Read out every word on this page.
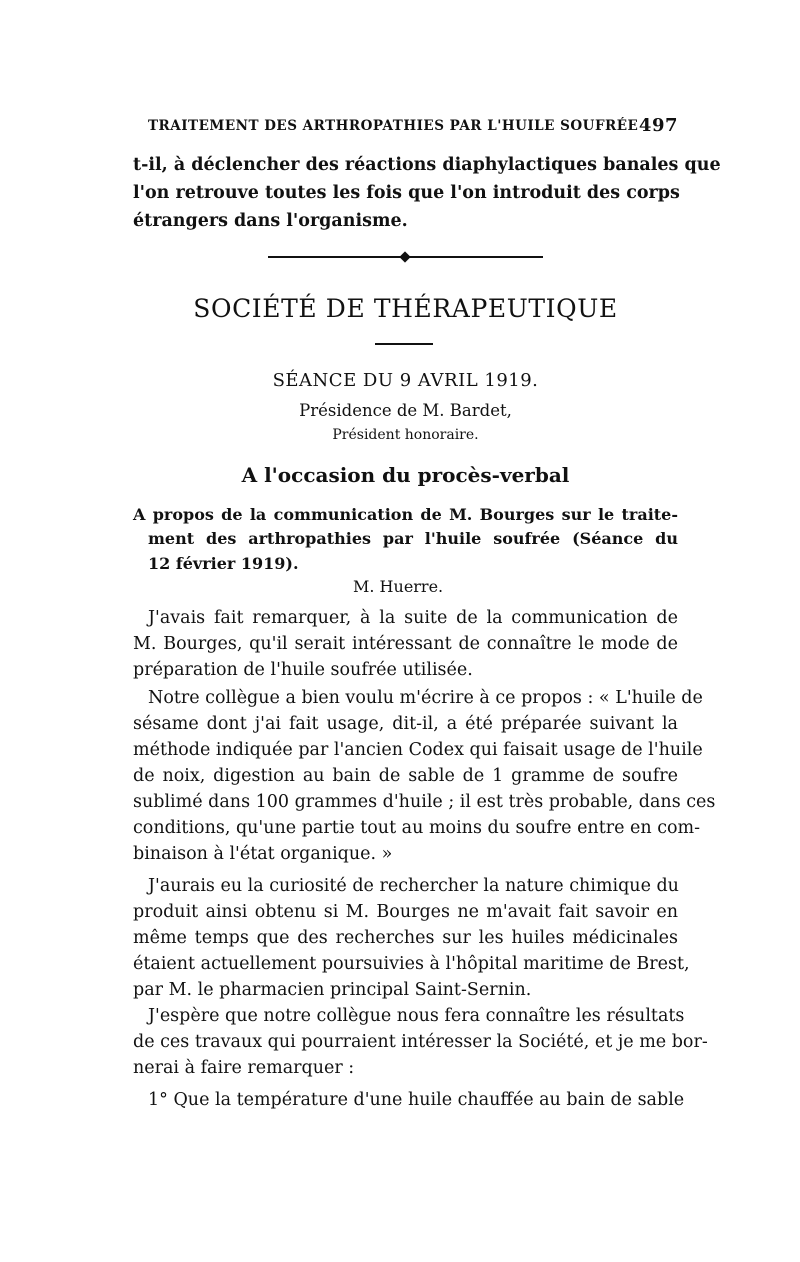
TRAITEMENT DES ARTHROPATHIES PAR L'HUILE SOUFRÉE 497
t-il, à déclencher des réactions diaphylactiques banales que
l'on retrouve toutes les fois que l'on introduit des corps
étrangers dans l'organisme.
SOCIÉTÉ DE THÉRAPEUTIQUE
SÉANCE DU 9 AVRIL 1919.
Présidence de M. Bardet,
Président honoraire.
A l'occasion du procès-verbal
A propos de la communication de M. Bourges sur le traite-
ment des arthropathies par l'huile soufrée (Séance du
12 février 1919).
M. Huerre.
J'avais fait remarquer, à la suite de la communication de
M. Bourges, qu'il serait intéressant de connaître le mode de
préparation de l'huile soufrée utilisée.
Notre collègue a bien voulu m'écrire à ce propos : « L'huile de
sésame dont j'ai fait usage, dit-il, a été préparée suivant la
méthode indiquée par l'ancien Codex qui faisait usage de l'huile
de noix, digestion au bain de sable de 1 gramme de soufre
sublimé dans 100 grammes d'huile ; il est très probable, dans ces
conditions, qu'une partie tout au moins du soufre entre en com-
binaison à l'état organique. »
J'aurais eu la curiosité de rechercher la nature chimique du
produit ainsi obtenu si M. Bourges ne m'avait fait savoir en
même temps que des recherches sur les huiles médicinales
étaient actuellement poursuivies à l'hôpital maritime de Brest,
par M. le pharmacien principal Saint-Sernin.
J'espère que notre collègue nous fera connaître les résultats
de ces travaux qui pourraient intéresser la Société, et je me bor-
nerai à faire remarquer :
1° Que la température d'une huile chauffée au bain de sable
